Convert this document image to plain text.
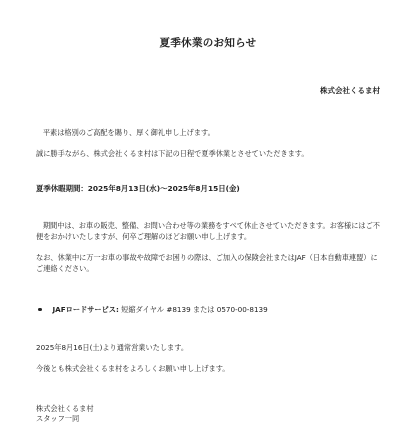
夏季休業のお知らせ
株式会社くるま村

平素は格別のご高配を賜り、厚く御礼申し上げます。

誠に勝手ながら、株式会社くるま村は下記の日程で夏季休業とさせていただきます。

夏季休暇期間：2025年8月13日(水)〜2025年8月15日(金)

期間中は、お車の販売、整備、お問い合わせ等の業務をすべて休止させていただきます。お客様にはご不便をおかけいたしますが、何卒ご理解のほどお願い申し上げます。

なお、休業中に万一お車の事故や故障でお困りの際は、ご加入の保険会社またはJAF（日本自動車連盟）にご連絡ください。

JAFロードサービス:
短縮ダイヤル #8139 または 0570-00-8139

2025年8月16日(土)より通常営業いたします。

今後とも株式会社くるま村をよろしくお願い申し上げます。

株式会社くるま村
スタッフ一同
